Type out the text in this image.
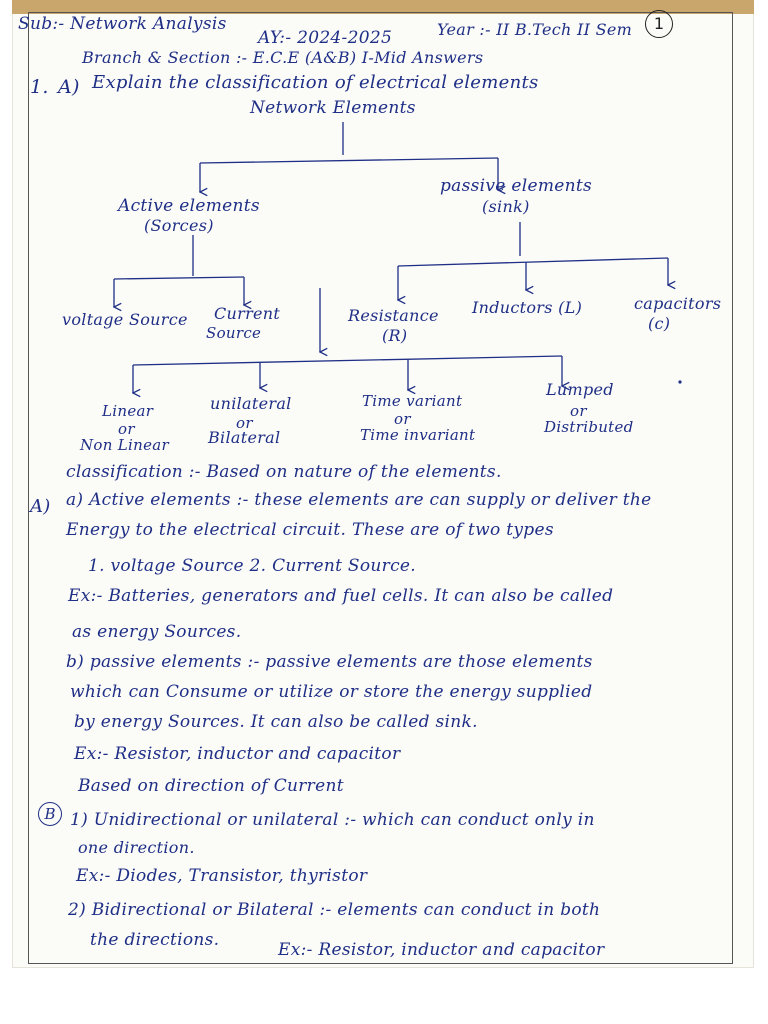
Sub:- Network Analysis
AY:- 2024-2025	Year :- II B.Tech II Sem	1
Branch & Section :- E.C.E (A&B) I-Mid Answers
1. A) Explain the classification of electrical elements
Network Elements
Active elements
(Sorces)
passive elements
(sink)
voltage Source Current
Source
Resistance
(R)
Inductors (L)	capacitors
(c)
Linear
or
Non Linear
unilateral
or
Bilateral
Time variant
or
Time invariant
Lumped
or
Distributed
A)
classification :- Based on nature of the elements.
a) Active elements :- these elements are can supply or deliver the
Energy to the electrical circuit. These are of two types
1. voltage Source 2. Current Source.
Ex:- Batteries, generators and fuel cells. It can also be called
as energy Sources.
b) passive elements :- passive elements are those elements
which can Consume or utilize or store the energy supplied
by energy Sources. It can also be called sink.
Ex:- Resistor, inductor and capacitor
B
Based on direction of Current
1) Unidirectional or unilateral :- which can conduct only in
one direction.
Ex:- Diodes, Transistor, thyristor
2) Bidirectional or Bilateral :- elements can conduct in both
the directions.	Ex:- Resistor, inductor and capacitor
